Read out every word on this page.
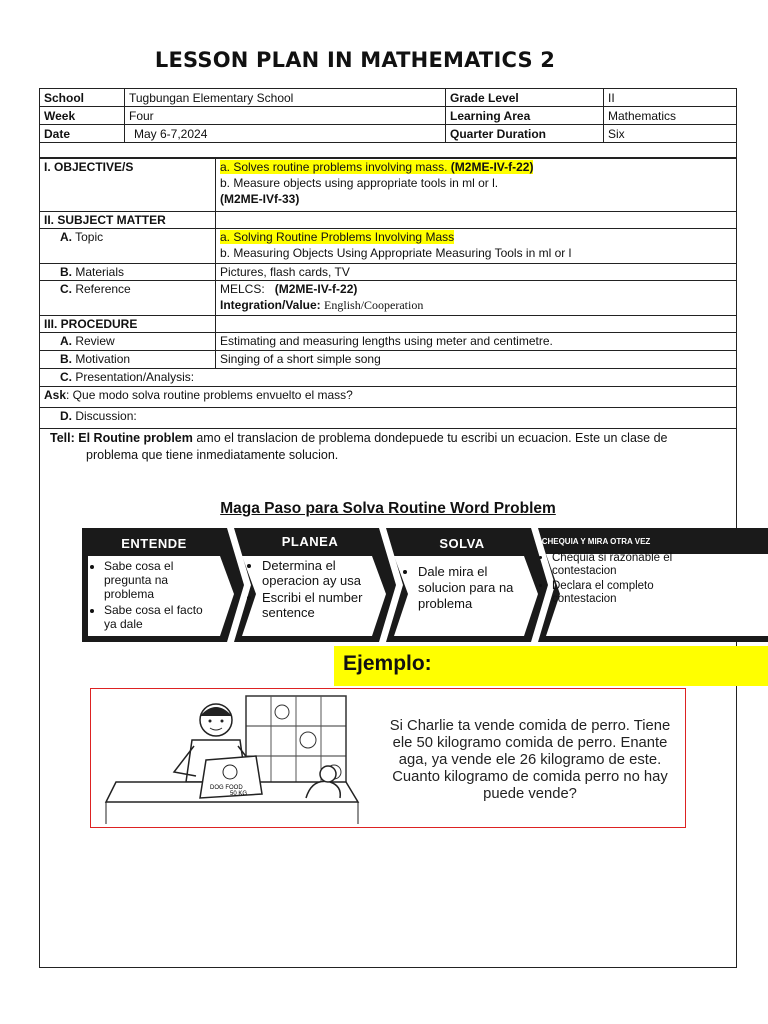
LESSON PLAN IN MATHEMATICS 2
School	Tugbungan Elementary School	Grade Level	II
Week	Four	Learning Area	Mathematics
Date	May 6-7,2024	Quarter Duration	Six

I. OBJECTIVE/S	a. Solves routine problems involving mass. (M2ME-IV-f-22)
b. Measure objects using appropriate tools in ml or l.
(M2ME-IVf-33)
II. SUBJECT MATTER	
A. Topic	a. Solving Routine Problems Involving Mass
b. Measuring Objects Using Appropriate Measuring Tools in ml or l
B. Materials	Pictures, flash cards, TV
C. Reference	MELCS: (M2ME-IV-f-22)
Integration/Value: English/Cooperation
III. PROCEDURE	
A. Review	Estimating and measuring lengths using meter and centimetre.
B. Motivation	Singing of a short simple song
C. Presentation/Analysis:	
Ask: Que modo solva routine problems envuelto el mass?	
D. Discussion:	
Tell: El Routine problem amo el translacion de problema dondepuede tu escribi un ecuacion. Este un clase de
problema que tiene inmediatamente solucion.
Maga Paso para Solva Routine Word Problem
ENTENDE	PLANEA	SOLVA	CHEQUIA Y MIRA OTRA VEZ
• Sabe cosa el pregunta na problema
• Sabe cosa el facto ya dale
• Determina el operacion ay usa
• Escribi el number sentence
• Dale mira el solucion para na problema
• Chequia si razonable el contestacion
• Declara el completo contestacion
Ejemplo:
DOG FOOD
50 KG
Si Charlie ta vende comida de perro. Tiene ele 50 kilogramo comida de perro. Enante aga, ya vende ele 26 kilogramo de este. Cuanto kilogramo de comida perro no hay puede vende?
